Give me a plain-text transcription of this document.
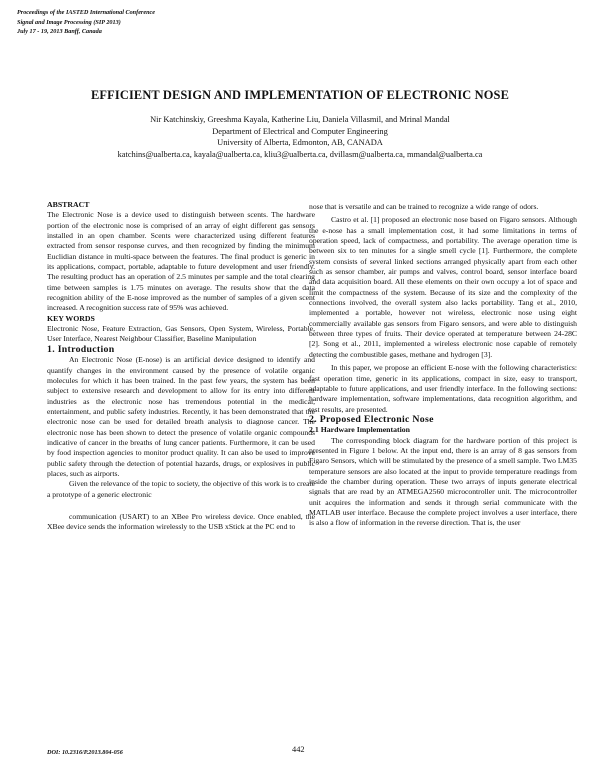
Proceedings of the IASTED International Conference
Signal and Image Processing (SIP 2013)
July 17 - 19, 2013 Banff, Canada
EFFICIENT DESIGN AND IMPLEMENTATION OF ELECTRONIC NOSE
Nir Katchinskiy, Greeshma Kayala, Katherine Liu, Daniela Villasmil, and Mrinal Mandal
Department of Electrical and Computer Engineering
University of Alberta, Edmonton, AB, CANADA
katchins@ualberta.ca, kayala@ualberta.ca, kliu3@ualberta.ca, dvillasm@ualberta.ca, mmandal@ualberta.ca

ABSTRACT

The Electronic Nose is a device used to distinguish between scents. The hardware portion of the electronic nose is comprised of an array of eight different gas sensors installed in an open chamber. Scents were characterized using different features extracted from sensor response curves, and then recognized by finding the minimum Euclidian distance in multi-space between the features. The final product is generic in its applications, compact, portable, adaptable to future development and user friendly. The resulting product has an operation of 2.5 minutes per sample and the total clearing time between samples is 1.75 minutes on average. The results show that the data recognition ability of the E-nose improved as the number of samples of a given scent increased. A recognition success rate of 95% was achieved.

KEY WORDS

Electronic Nose, Feature Extraction, Gas Sensors, Open System, Wireless, Portable, User Interface, Nearest Neighbour Classifier, Baseline Manipulation

1. Introduction

An Electronic Nose (E-nose) is an artificial device designed to identify and quantify changes in the environment caused by the presence of volatile organic molecules for which it has been trained. In the past few years, the system has been subject to extensive research and development to allow for its entry into different industries as the electronic nose has tremendous potential in the medical, entertainment, and public safety industries. Recently, it has been demonstrated that the electronic nose can be used for detailed breath analysis to diagnose cancer. The electronic nose has been shown to detect the presence of volatile organic compounds indicative of cancer in the breaths of lung cancer patients. Furthermore, it can be used by food inspection agencies to monitor product quality. It can also be used to improve public safety through the detection of potential hazards, drugs, or explosives in public places, such as airports.

Given the relevance of the topic to society, the objective of this work is to create a prototype of a generic electronic

communication (USART) to an XBee Pro wireless device. Once enabled, the XBee device sends the information wirelessly to the USB xStick at the PC end to

nose that is versatile and can be trained to recognize a wide range of odors.

Castro et al. [1] proposed an electronic nose based on Figaro sensors. Although the e-nose has a small implementation cost, it had some limitations in terms of operation speed, lack of compactness, and portability. The average operation time is between six to ten minutes for a single smell cycle [1]. Furthermore, the complete system consists of several linked sections arranged physically apart from each other such as sensor chamber, air pumps and valves, control board, sensor interface board and data acquisition board. All these elements on their own occupy a lot of space and limit the compactness of the system. Because of its size and the complexity of the connections involved, the overall system also lacks portability. Tang et al., 2010, implemented a portable, however not wireless, electronic nose using eight commercially available gas sensors from Figaro sensors, and were able to distinguish between three types of fruits. Their device operated at temperature between 24-28C [2]. Song et al., 2011, implemented a wireless electronic nose capable of remotely detecting the combustible gases, methane and hydrogen [3].

In this paper, we propose an efficient E-nose with the following characteristics: fast operation time, generic in its applications, compact in size, easy to transport, adaptable to future applications, and user friendly interface. In the following sections: hardware implementation, software implementations, data recognition algorithm, and test results, are presented.

2. Proposed Electronic Nose

2.1 Hardware Implementation

The corresponding block diagram for the hardware portion of this project is presented in Figure 1 below. At the input end, there is an array of 8 gas sensors from Figaro Sensors, which will be stimulated by the presence of a smell sample. Two LM35 temperature sensors are also located at the input to provide temperature readings from inside the chamber during operation. These two arrays of inputs generate electrical signals that are read by an ATMEGA2560 microcontroller unit. The microcontroller unit acquires the information and sends it through serial communicate with the MATLAB user interface. Because the complete project involves a user interface, there is also a flow of information in the reverse direction. That is, the user

DOI: 10.2316/P.2013.804-056	442
